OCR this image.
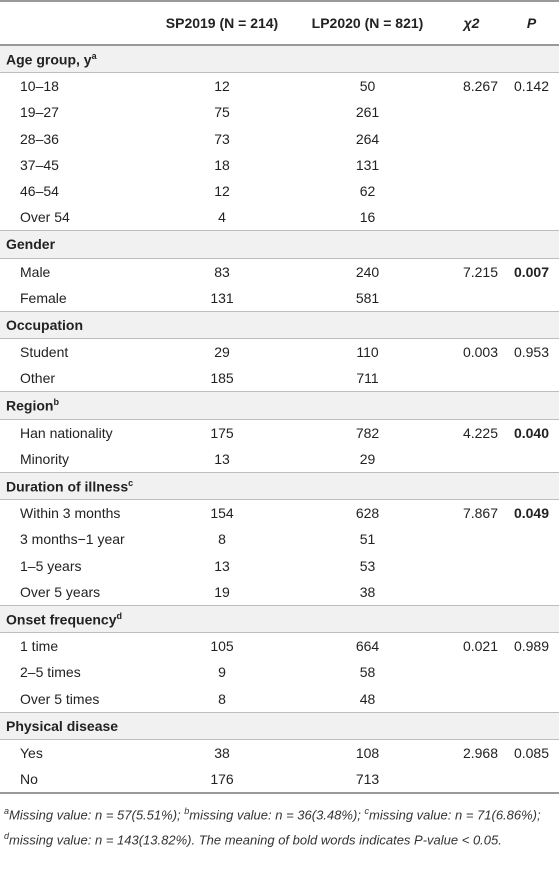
	SP2019 (N = 214)	LP2020 (N = 821)	χ2	P
Age group, $y^a$
10–18	12	50	8.267	0.142
19–27	75	261		
28–36	73	264		
37–45	18	131		
46–54	12	62		
Over 54	4	16		
Gender				
Male	83	240	7.215	0.007
Female	131	581		
Occupation				
Student	29	110	0.003	0.953
Other	185	711		
Region$^b$
Han nationality	175	782	4.225	0.040
Minority	13	29		
Duration of illness$^c$
Within 3 months	154	628	7.867	0.049
3 months−1 year	8	51		
1–5 years	13	53		
Over 5 years	19	38		
Onset frequency$^d$
1 time	105	664	0.021	0.989
2–5 times	9	58		
Over 5 times	8	48		
Physical disease				
Yes	38	108	2.968	0.085
No	176	713		
$^a$Missing value: n = 57(5.51%); $^b$missing value: n = 36(3.48%); $^c$missing value: n = 71(6.86%); $^d$missing value: n = 143(13.82%). The meaning of bold words indicates P-value < 0.05.
